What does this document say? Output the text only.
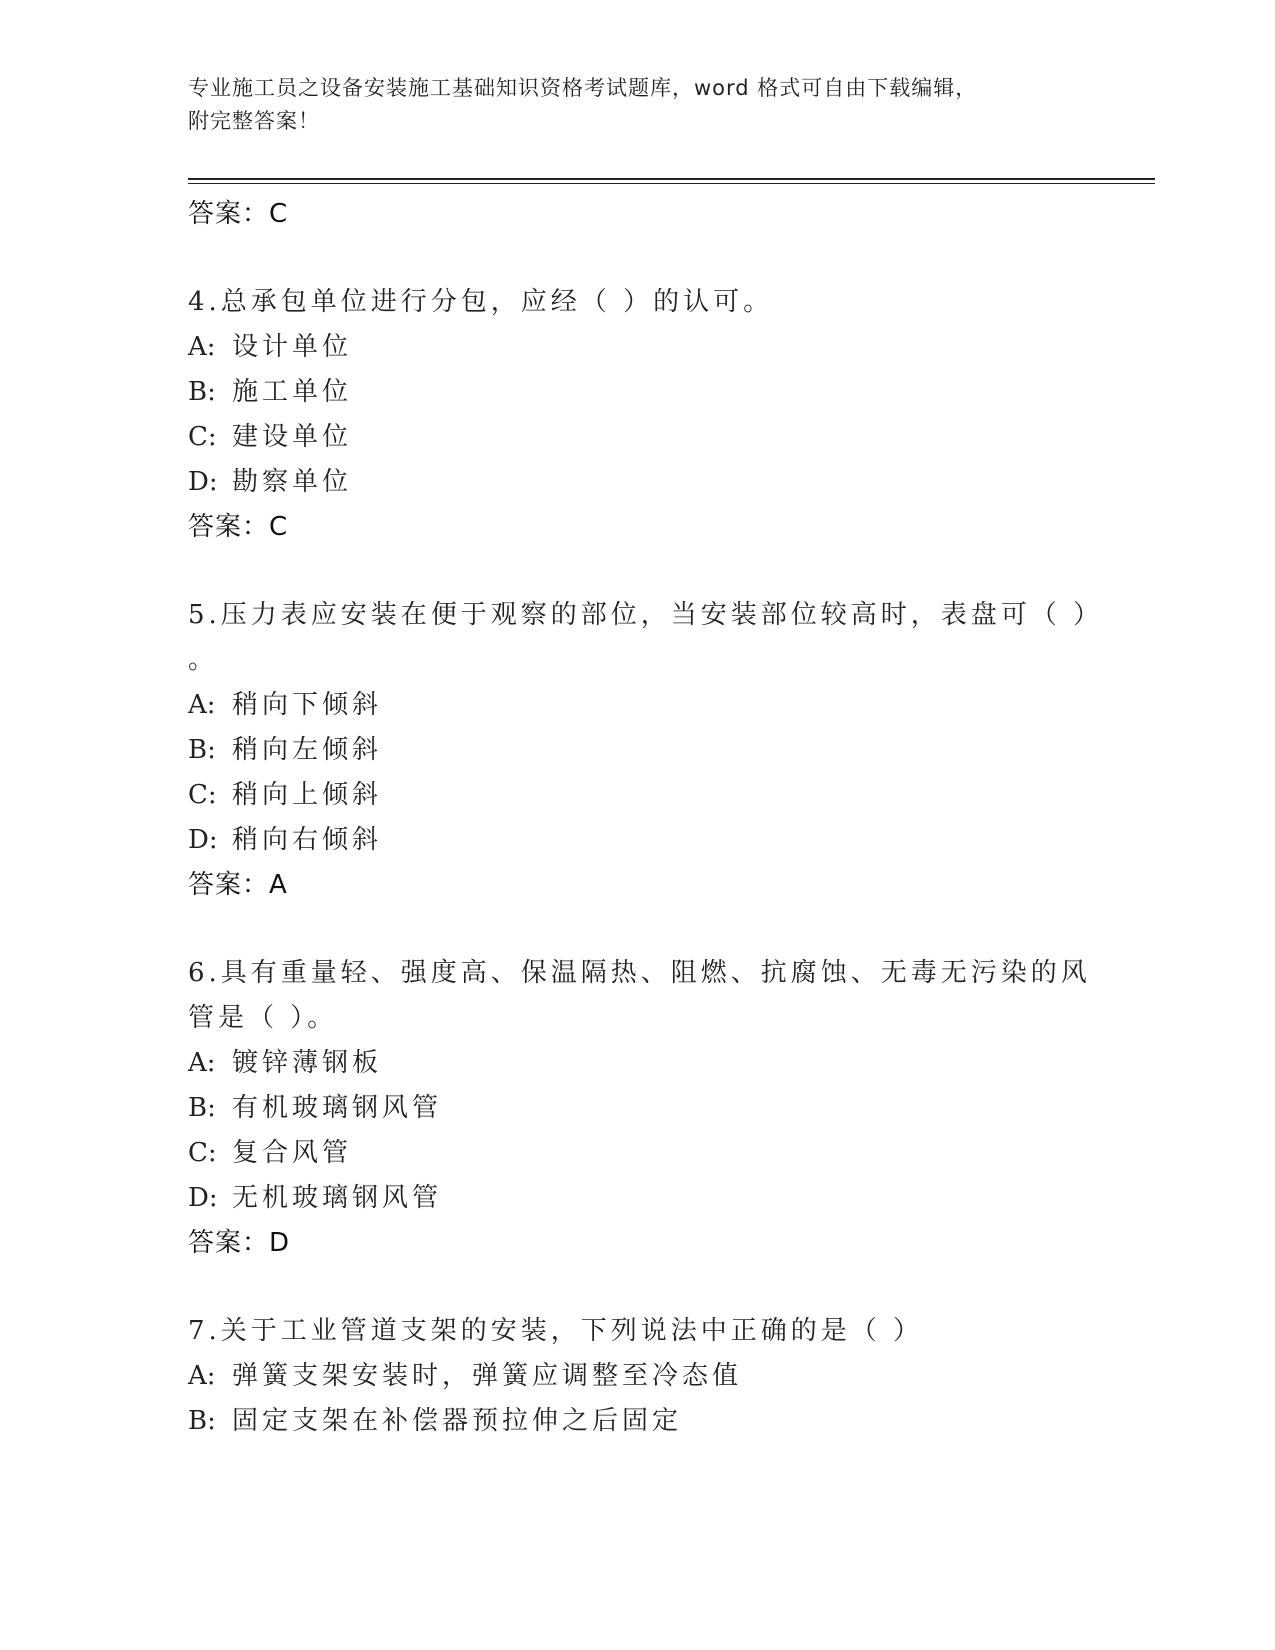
专业施工员之设备安装施工基础知识资格考试题库，word 格式可自由下载编辑，
附完整答案！
答案：C
4.总承包单位进行分包，应经（ ）的认可。
A: 设计单位
B: 施工单位
C: 建设单位
D: 勘察单位
答案：C
5.压力表应安装在便于观察的部位，当安装部位较高时，表盘可（ ）
。
A: 稍向下倾斜
B: 稍向左倾斜
C: 稍向上倾斜
D: 稍向右倾斜
答案：A
6.具有重量轻、强度高、保温隔热、阻燃、抗腐蚀、无毒无污染的风
管是（ ）。
A: 镀锌薄钢板
B: 有机玻璃钢风管
C: 复合风管
D: 无机玻璃钢风管
答案：D
7.关于工业管道支架的安装，下列说法中正确的是（ ）
A: 弹簧支架安装时，弹簧应调整至冷态值
B: 固定支架在补偿器预拉伸之后固定
